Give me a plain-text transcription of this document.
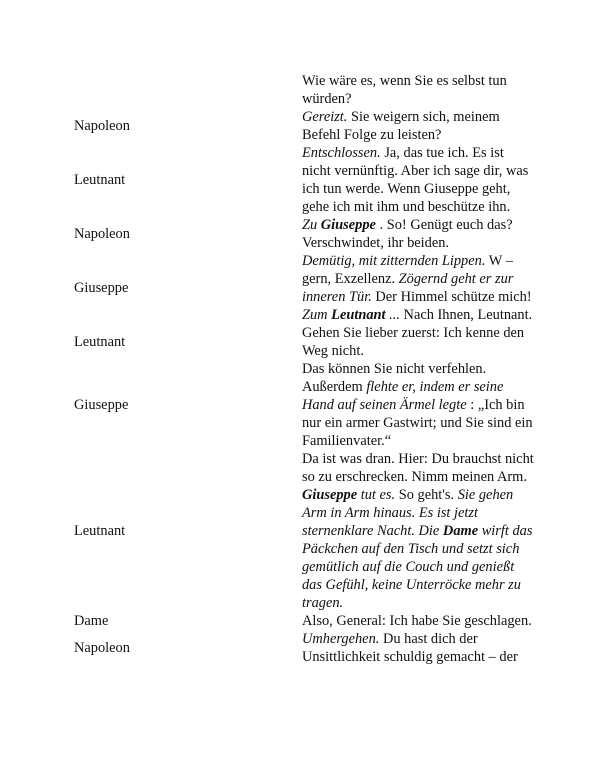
	Wie wäre es, wenn Sie es selbst tun würden?
Napoleon	Gereizt. Sie weigern sich, meinem Befehl Folge zu leisten?
Leutnant	Entschlossen. Ja, das tue ich. Es ist nicht vernünftig. Aber ich sage dir, was ich tun werde. Wenn Giuseppe geht, gehe ich mit ihm und beschütze ihn.
Napoleon	Zu Giuseppe . So! Genügt euch das? Verschwindet, ihr beiden.
Giuseppe	Demütig, mit zitternden Lippen. W – gern, Exzellenz. Zögernd geht er zur inneren Tür. Der Himmel schütze mich! Zum Leutnant ... Nach Ihnen, Leutnant.
Leutnant	Gehen Sie lieber zuerst: Ich kenne den Weg nicht.
Giuseppe	Das können Sie nicht verfehlen. Außerdem flehte er, indem er seine Hand auf seinen Ärmel legte : „Ich bin nur ein armer Gastwirt; und Sie sind ein Familienvater.“
Leutnant	Da ist was dran. Hier: Du brauchst nicht so zu erschrecken. Nimm meinen Arm. Giuseppe tut es. So geht's. Sie gehen Arm in Arm hinaus. Es ist jetzt sternenklare Nacht. Die Dame wirft das Päckchen auf den Tisch und setzt sich gemütlich auf die Couch und genießt das Gefühl, keine Unterröcke mehr zu tragen.
Dame	Also, General: Ich habe Sie geschlagen.
Napoleon	Umhergehen. Du hast dich der Unsittlichkeit schuldig gemacht – der
